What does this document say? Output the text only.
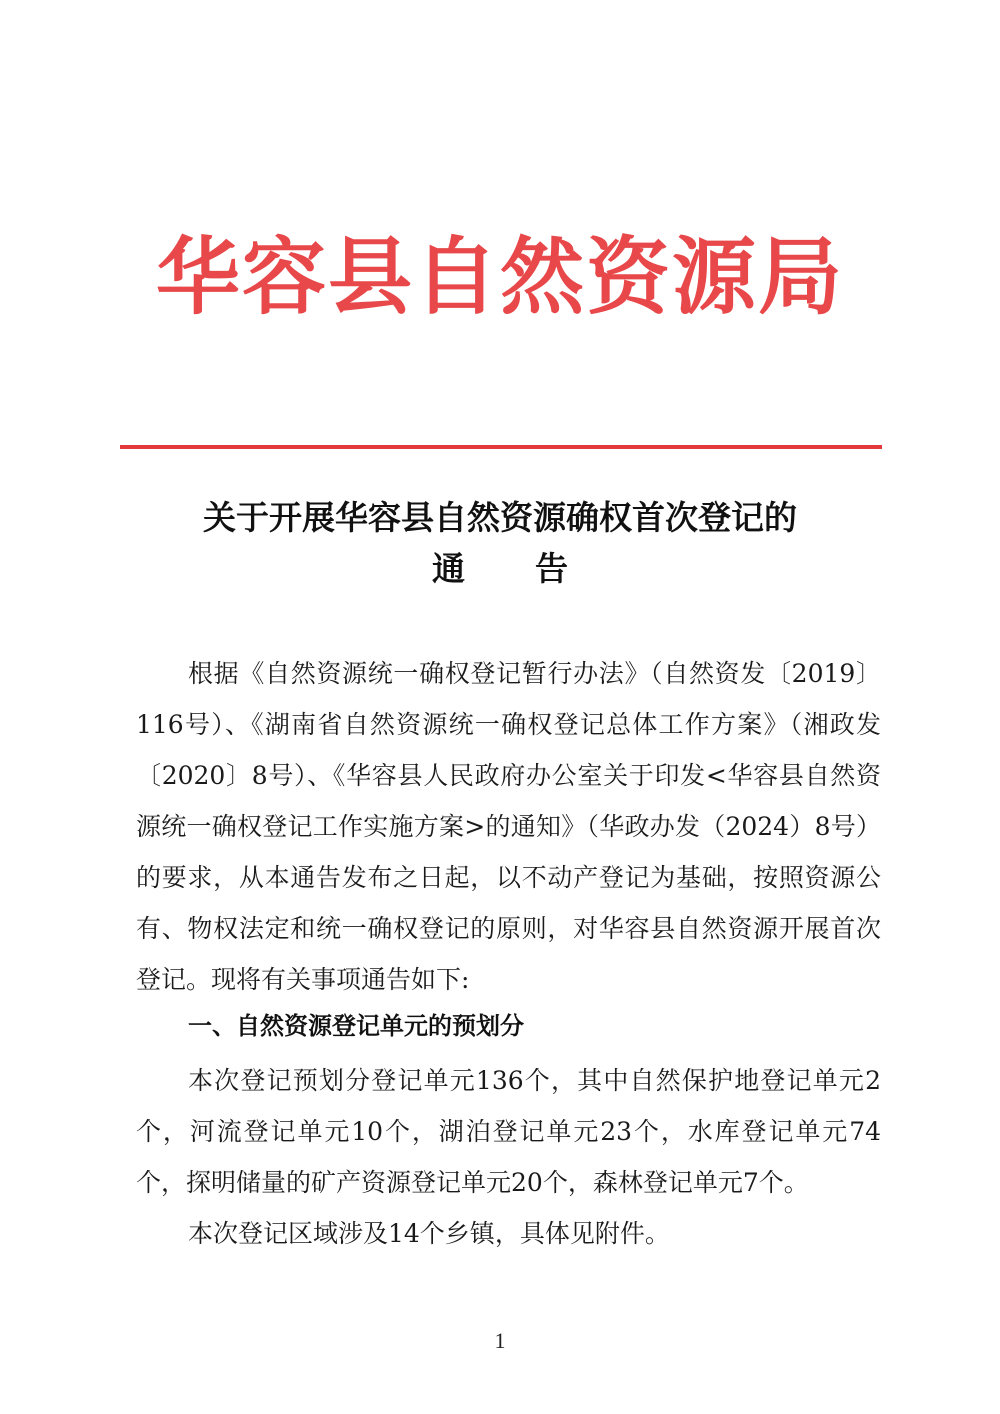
华容县自然资源局
关于开展华容县自然资源确权首次登记的
通告
根据《自然资源统一确权登记暂行办法》（自然资发〔2019〕116号）、《湖南省自然资源统一确权登记总体工作方案》（湘政发〔2020〕8号）、《华容县人民政府办公室关于印发<华容县自然资源统一确权登记工作实施方案>的通知》（华政办发（2024）8号）的要求，从本通告发布之日起，以不动产登记为基础，按照资源公有、物权法定和统一确权登记的原则，对华容县自然资源开展首次登记。现将有关事项通告如下:
一、自然资源登记单元的预划分
本次登记预划分登记单元136个，其中自然保护地登记单元2个，河流登记单元10个，湖泊登记单元23个，水库登记单元74个，探明储量的矿产资源登记单元20个，森林登记单元7个。
本次登记区域涉及14个乡镇，具体见附件。
1
